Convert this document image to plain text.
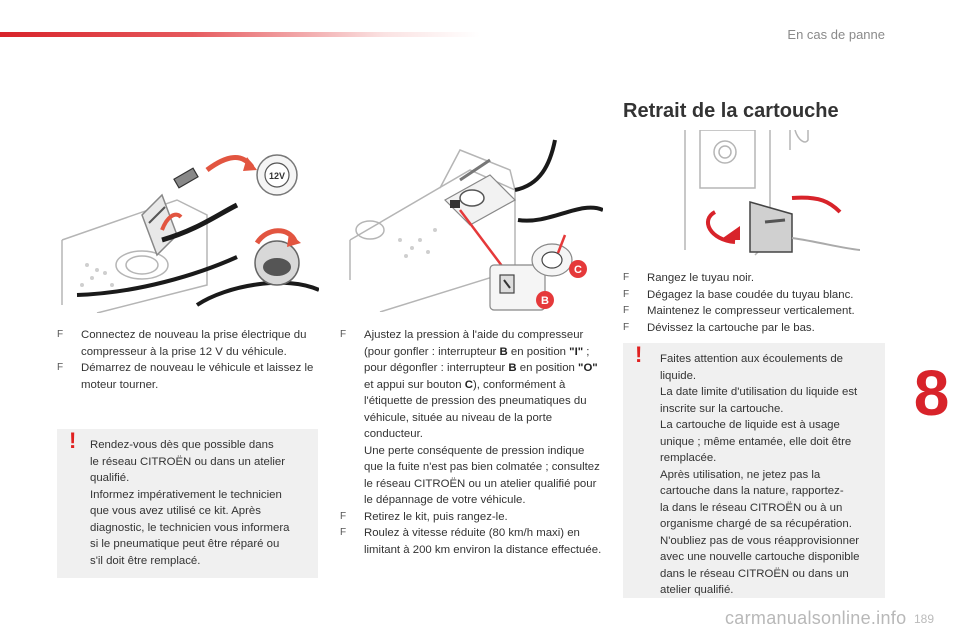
En cas de panne
12V
C
B
F Connectez de nouveau la prise électrique du compresseur à la prise 12 V du véhicule.
F Démarrez de nouveau le véhicule et laissez le moteur tourner.
! Rendez-vous dès que possible dans
le réseau CITROËN ou dans un atelier
qualifié.
Informez impérativement le technicien
que vous avez utilisé ce kit. Après
diagnostic, le technicien vous informera
si le pneumatique peut être réparé ou
s'il doit être remplacé.
F Ajustez la pression à l'aide du compresseur (pour gonfler : interrupteur B en position "I" ; pour dégonfler : interrupteur B en position "O" et appui sur bouton C), conformément à l'étiquette de pression des pneumatiques du véhicule, située au niveau de la porte conducteur.
Une perte conséquente de pression indique que la fuite n'est pas bien colmatée ; consultez le réseau CITROËN ou un atelier qualifié pour le dépannage de votre véhicule.
F Retirez le kit, puis rangez-le.
F Roulez à vitesse réduite (80 km/h maxi) en limitant à 200 km environ la distance effectuée.
Retrait de la cartouche
F Rangez le tuyau noir.
F Dégagez la base coudée du tuyau blanc.
F Maintenez le compresseur verticalement.
F Dévissez la cartouche par le bas.
! Faites attention aux écoulements de
liquide.
La date limite d'utilisation du liquide est
inscrite sur la cartouche.
La cartouche de liquide est à usage
unique ; même entamée, elle doit être
remplacée.
Après utilisation, ne jetez pas la
cartouche dans la nature, rapportez-
la dans le réseau CITROËN ou à un
organisme chargé de sa récupération.
N'oubliez pas de vous réapprovisionner
avec une nouvelle cartouche disponible
dans le réseau CITROËN ou dans un
atelier qualifié.
8
carmanualsonline.info 189
